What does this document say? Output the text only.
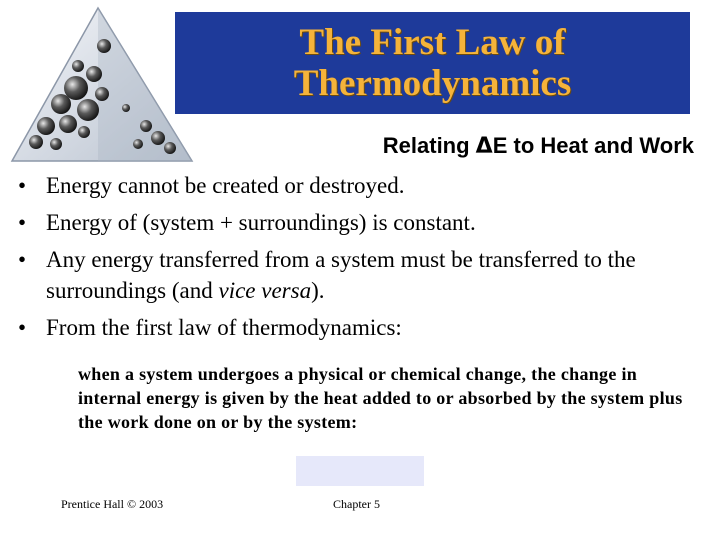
The First Law of
Thermodynamics
Relating ΔE to Heat and Work
• Energy cannot be created or destroyed.
• Energy of (system + surroundings) is constant.
• Any energy transferred from a system must be transferred to the surroundings (and vice versa).
• From the first law of thermodynamics:
when a system undergoes a physical or chemical change, the change in internal energy is given by the heat added to or absorbed by the system plus the work done on or by the system:
Prentice Hall © 2003	Chapter 5
